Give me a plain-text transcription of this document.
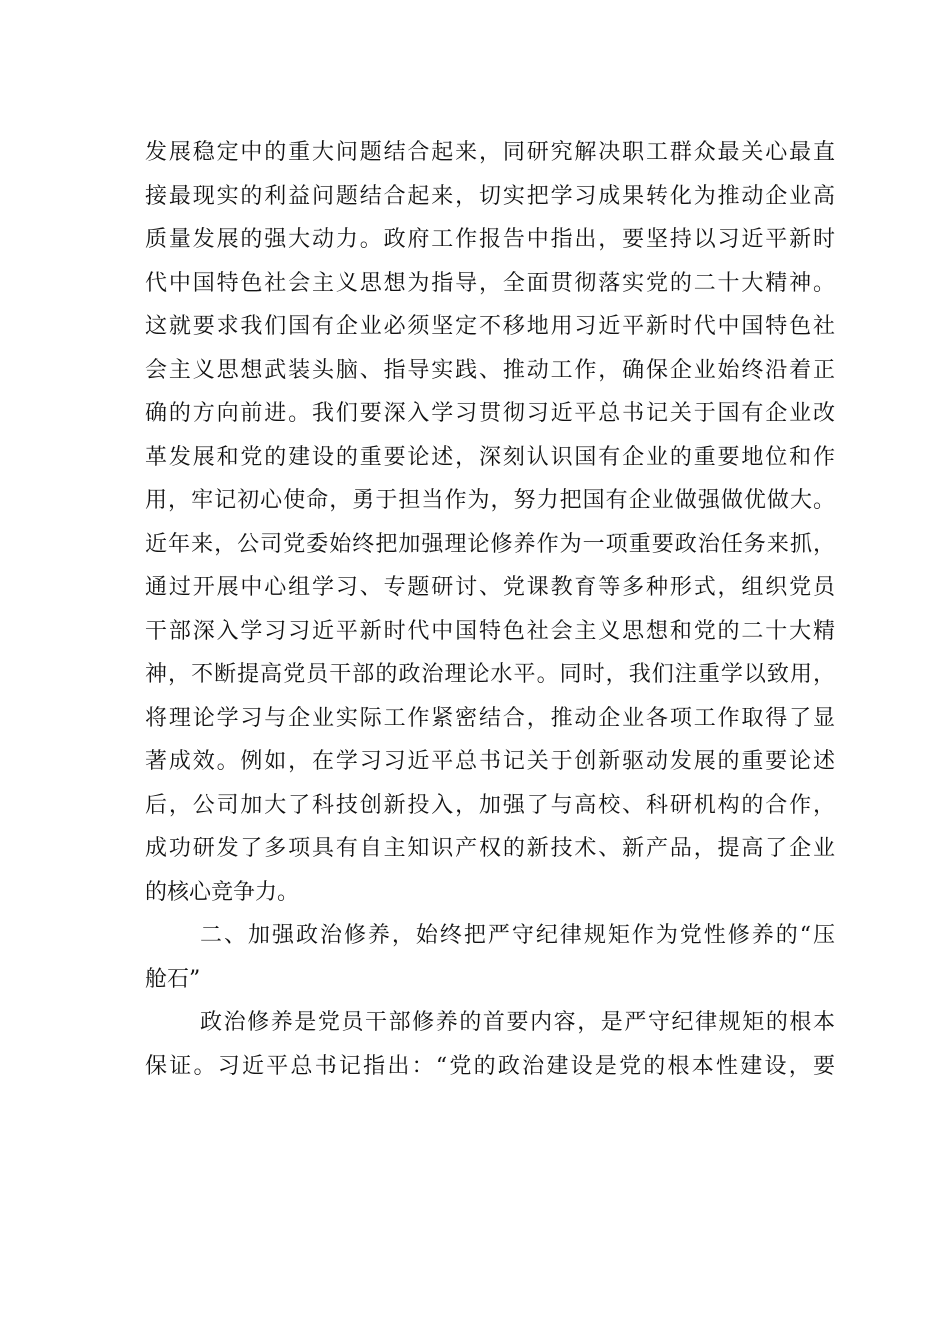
发展稳定中的重大问题结合起来，同研究解决职工群众最关心最直
接最现实的利益问题结合起来，切实把学习成果转化为推动企业高
质量发展的强大动力。政府工作报告中指出，要坚持以习近平新时
代中国特色社会主义思想为指导，全面贯彻落实党的二十大精神。
这就要求我们国有企业必须坚定不移地用习近平新时代中国特色社
会主义思想武装头脑、指导实践、推动工作，确保企业始终沿着正
确的方向前进。我们要深入学习贯彻习近平总书记关于国有企业改
革发展和党的建设的重要论述，深刻认识国有企业的重要地位和作
用，牢记初心使命，勇于担当作为，努力把国有企业做强做优做大。
近年来，公司党委始终把加强理论修养作为一项重要政治任务来抓，
通过开展中心组学习、专题研讨、党课教育等多种形式，组织党员
干部深入学习习近平新时代中国特色社会主义思想和党的二十大精
神，不断提高党员干部的政治理论水平。同时，我们注重学以致用，
将理论学习与企业实际工作紧密结合，推动企业各项工作取得了显
著成效。例如，在学习习近平总书记关于创新驱动发展的重要论述
后，公司加大了科技创新投入，加强了与高校、科研机构的合作，
成功研发了多项具有自主知识产权的新技术、新产品，提高了企业
的核心竞争力。
二、加强政治修养，始终把严守纪律规矩作为党性修养的“压
舱石”
政治修养是党员干部修养的首要内容，是严守纪律规矩的根本
保证。习近平总书记指出：“党的政治建设是党的根本性建设，要
